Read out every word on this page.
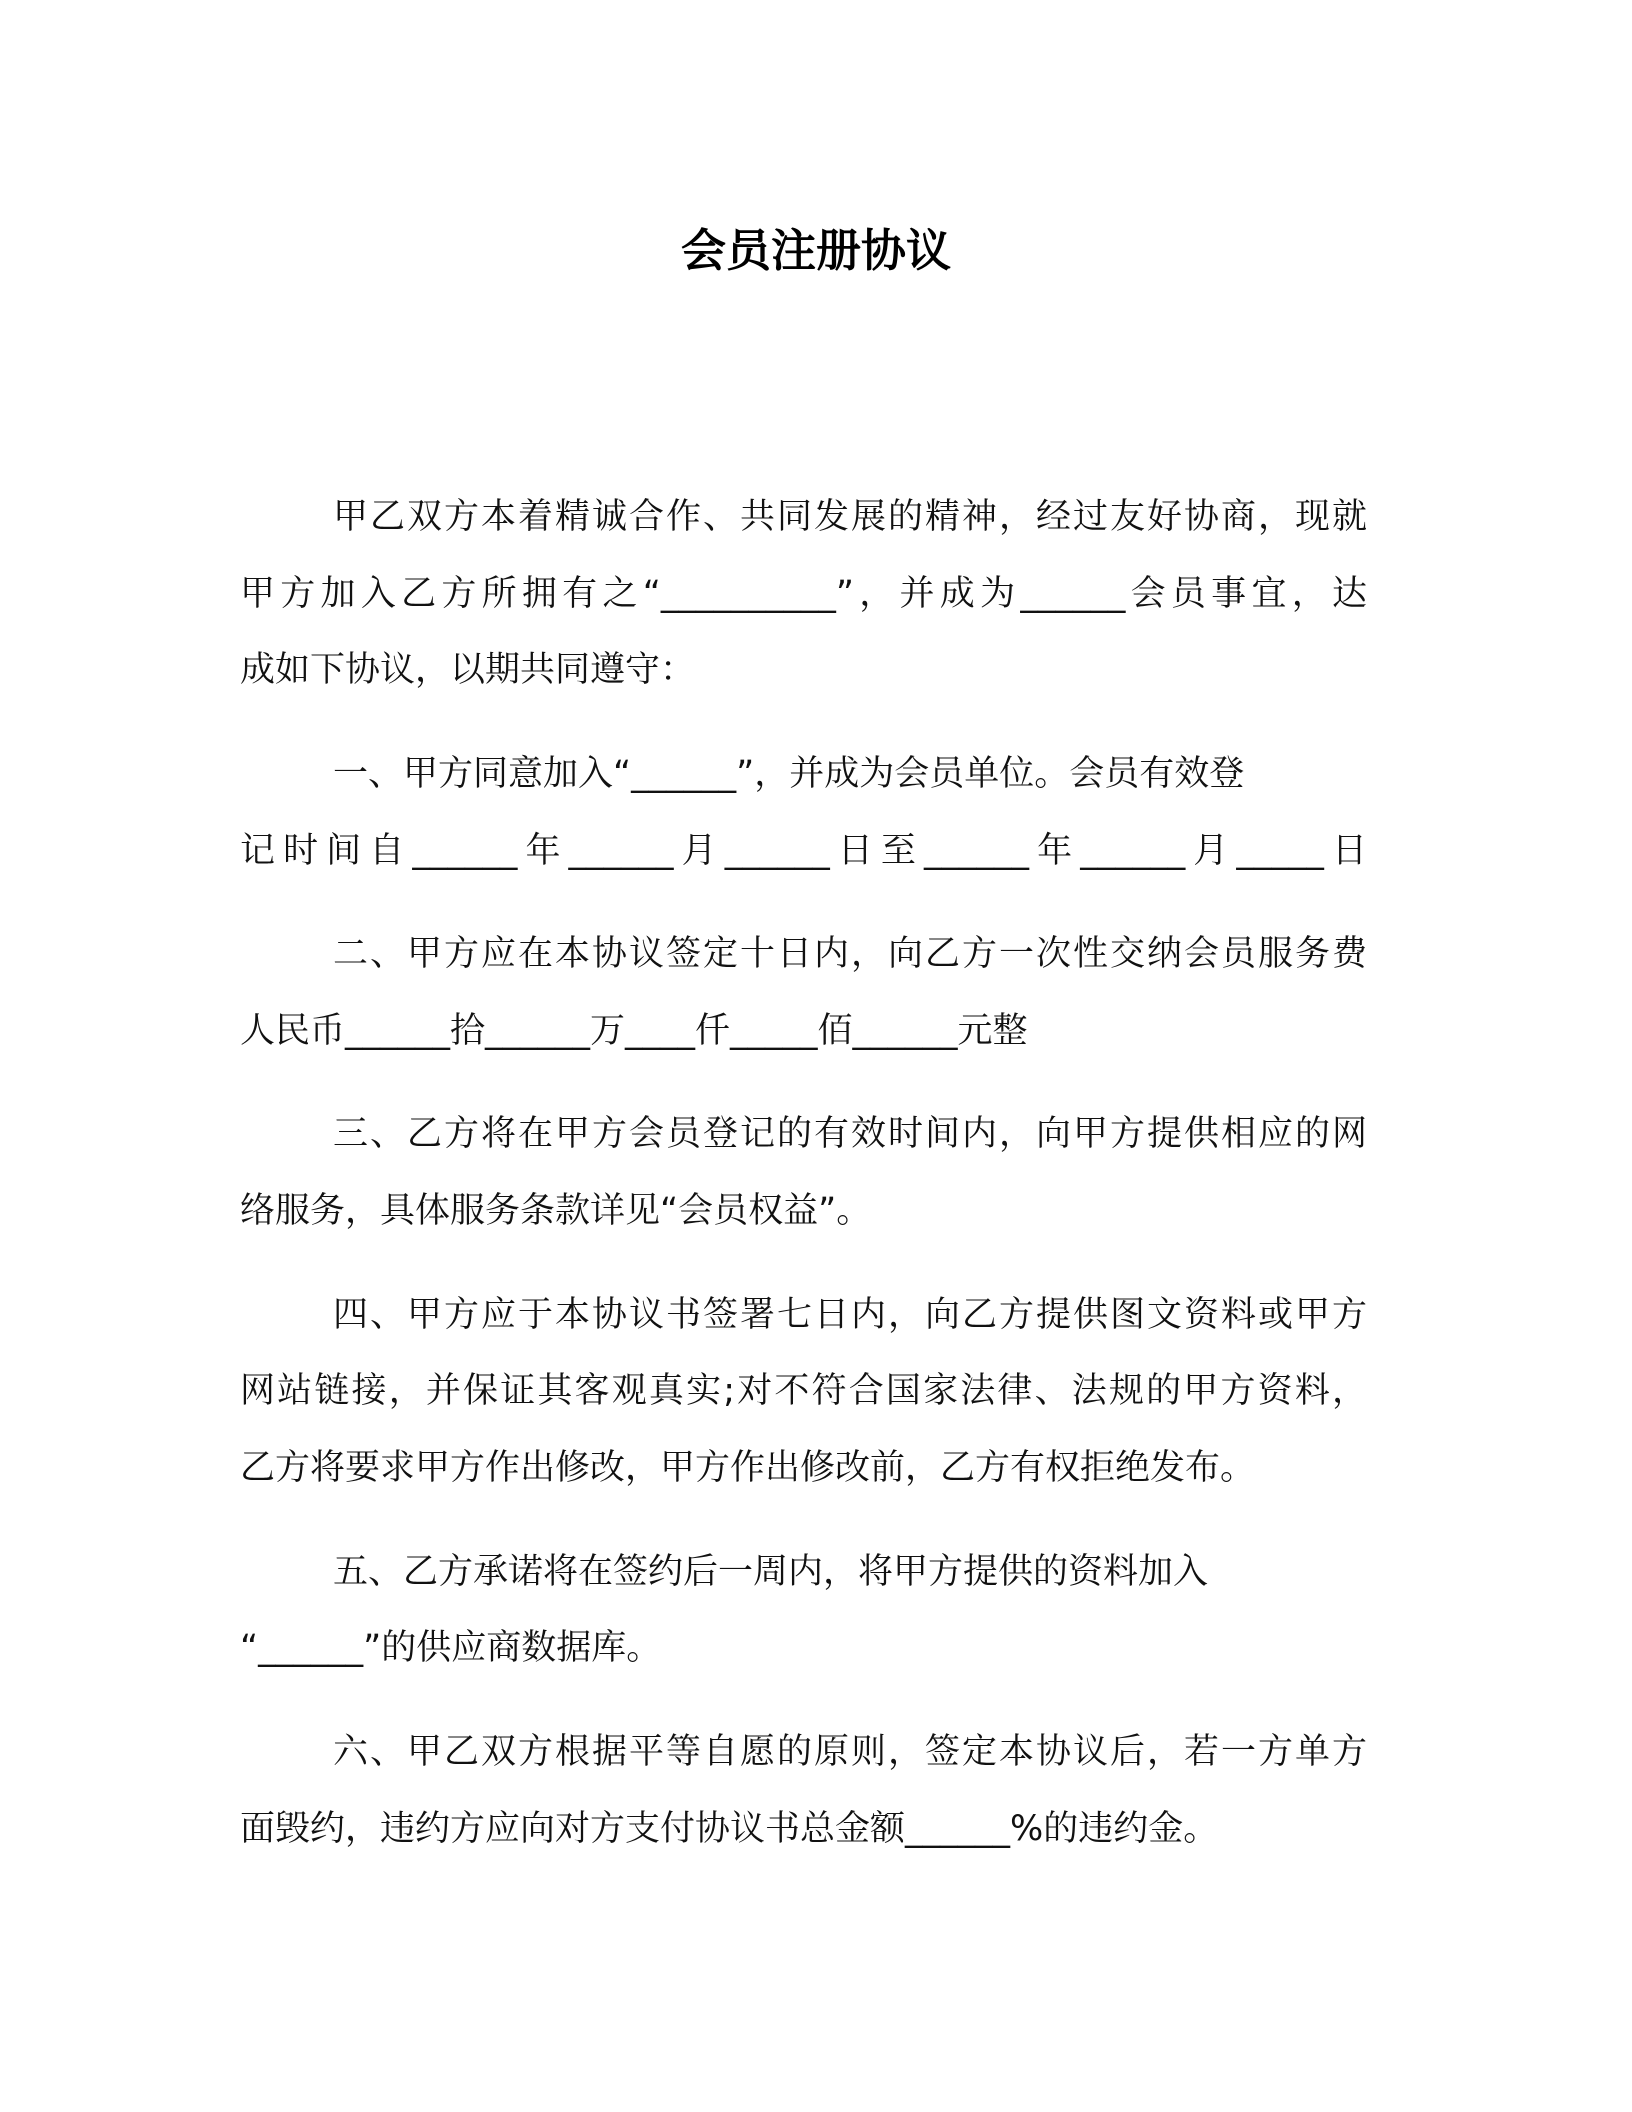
会员注册协议
甲乙双方本着精诚合作、共同发展的精神，经过友好协商，现就
甲方加入乙方所拥有之“__________”，并成为______会员事宜，达
成如下协议，以期共同遵守：
一、甲方同意加入“______”，并成为会员单位。会员有效登
记时间自______年______月______日至______年______月_____日
二、甲方应在本协议签定十日内，向乙方一次性交纳会员服务费
人民币______拾______万____仟_____佰______元整
三、乙方将在甲方会员登记的有效时间内，向甲方提供相应的网
络服务，具体服务条款详见“会员权益”。
四、甲方应于本协议书签署七日内，向乙方提供图文资料或甲方
网站链接，并保证其客观真实;对不符合国家法律、法规的甲方资料，
乙方将要求甲方作出修改，甲方作出修改前，乙方有权拒绝发布。
五、乙方承诺将在签约后一周内，将甲方提供的资料加入
“______”的供应商数据库。
六、甲乙双方根据平等自愿的原则，签定本协议后，若一方单方
面毁约，违约方应向对方支付协议书总金额______%的违约金。
